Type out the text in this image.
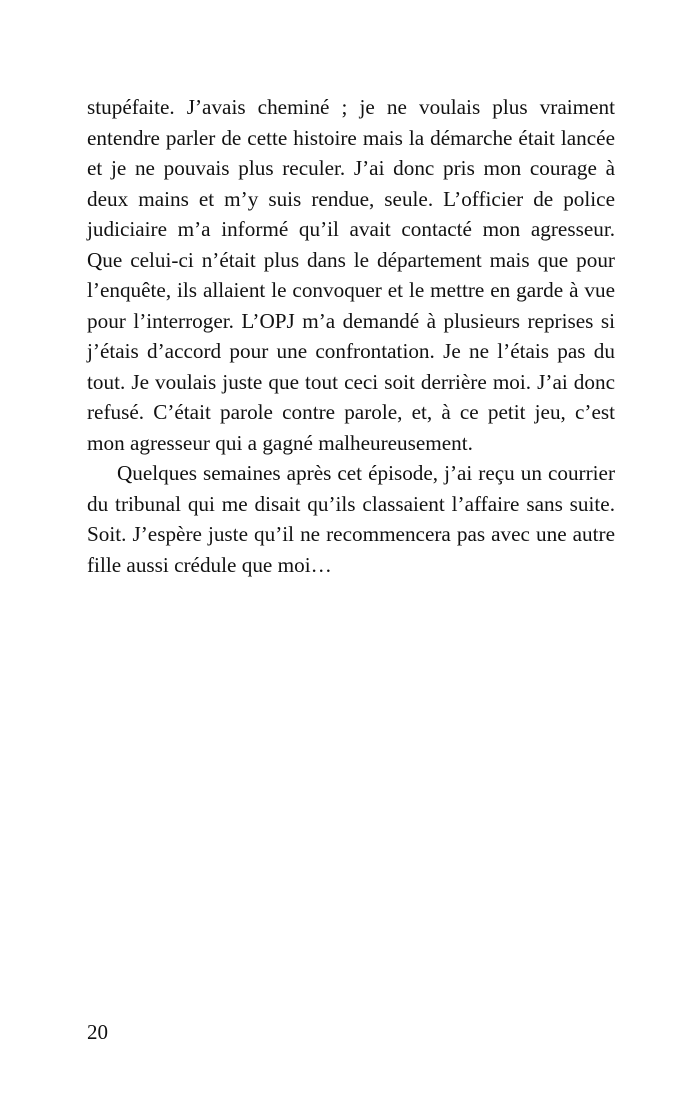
stupéfaite. J’avais cheminé ; je ne voulais plus vraiment entendre parler de cette histoire mais la démarche était lancée et je ne pouvais plus reculer. J’ai donc pris mon courage à deux mains et m’y suis rendue, seule. L’officier de police judiciaire m’a informé qu’il avait contacté mon agresseur. Que celui-ci n’était plus dans le département mais que pour l’enquête, ils allaient le convoquer et le mettre en garde à vue pour l’interroger. L’OPJ m’a demandé à plusieurs reprises si j’étais d’accord pour une confrontation. Je ne l’étais pas du tout. Je voulais juste que tout ceci soit derrière moi. J’ai donc refusé. C’était parole contre parole, et, à ce petit jeu, c’est mon agresseur qui a gagné malheureusement.

Quelques semaines après cet épisode, j’ai reçu un courrier du tribunal qui me disait qu’ils classaient l’affaire sans suite. Soit. J’espère juste qu’il ne recommencera pas avec une autre fille aussi crédule que moi…

20
